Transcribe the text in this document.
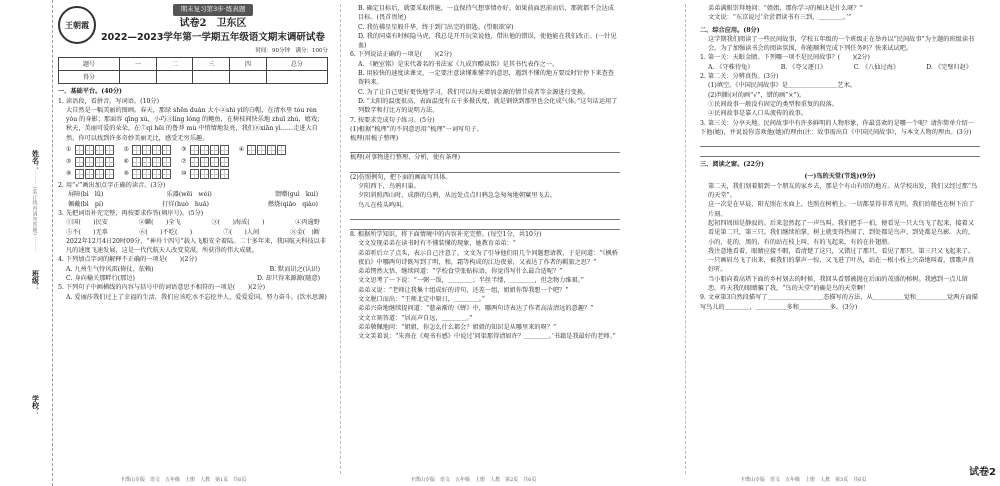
姓名：
⋯⋯⋯(装订线内请勿答题)⋯⋯⋯
班级：
学校：
王朝霞
期末复习第3步·练真题
试卷2　卫东区
2022—2023学年第一学期五年级语文期末调研试卷
时间：90分钟　满分：100分
题号	一	二	三	四	总分
得分					
一、基础平台。(40分)

1. 读语段，看拼音，写词语。(10分)

大自然是一幅美丽的图画。春天，那绿 shēn duàn 大小②shì yì的白帽，在清水里 tóu rèn yǒu 的身影；那面容 qīng xù，小巧③líng lóng 的鲍鱼，在树枝间快乐地 zhuī zhú，嬉戏；秋天，美丽可爱的朵朵，在⑦qí hēi 的鲁莽 mù 中悄情地发亮，我们⑧xiān yì……走进大自然，你可以找到许多奇妙美丽无比，感受无穷乐趣。

①	②	③	④
⑤	⑥	⑦
⑧	⑨	⑩

2. 用“√”画出加点字正确的读音。(3分)

屏障(bì　lǜ)	乐器(wēi　wéi)	馈赠(guì　kuì)
佩戴(bì　pí)	打烊(huò　huā)	燃烧(qiāo　qiào)

3. 先把词语补充完整，再按要求作答(填序号)。(5分)

①国(　　)民安	②麟(　　)全飞	③(　　)海成(　　)	④丙逾野
⑤不(　　)无辜	⑥(　　)不吃(　　)	⑦(　　)人间	⑧金(　)断

2022年12月4日20时09分，“神舟十四号”载人飞船安全着陆。二十多年来，我国航天科技以非凡的速度飞速发展，这是一代代航天人改变荒漠，所获得的伟大成就。

4. 下列加点字词的解释不正确的一项是(　　)(2分)

A. 九州生气恃风雷(倚仗、依赖)	B. 默而识之(认识)
C. 身向榆关那畔行(那边)	D. 却只得来源源(随意)

5. 下列句子中画横线的内容与括号中的词语意思不相符的一项是(　　)(2分)

A. 爱丽莎我们过上了幸福的生活，我们应该吃水不忘挖井人，爱爱爱国，努力奋斗。(饮水思源)

卡璞山专版　语文　五年级　上册　人教　第1页　共6页

B. 确定目标后，就要采取措施，一直保持气想事情办好。如果前面思前而后，那就都不会达成目标。(畏首畏尾)

C. 我仿佛星星般升华，终于到门出完的钥匙。(望眼欲穿)

D. 我的同桌有时候隐马虎，我总是开开玩笑说他，借出他的错误，使他能在我们改正。(一针见血)

6. 下列说法正确的一项是(　　)(2分)

A. 《陋室铭》是宋代著名的书法家《九成宫醴泉铭》是其书代表作之一。

B. 用较快的速度读课文，一定要注意读懂难懂字的意思，遇到不懂的地方要反时针停下来查查资料来。

C. 为了让自己更好更快地学习，我们可以每天增加金源的情节成者等金源进行变换。

D. “太阳的温度很高，表面温度有五千多摄氏度，就是钢铁到那里也会化成气体。”这句话运用了列数字和打比方的说明方法。

7. 按要求完成句子练习。(5分)

(1)根据“梳理”的不同意思用“梳理”一词写句子。

梳理(用梳子整理)

梳理(对事物进行整理、分析，使有条理)

(2)仿照例句，把下面的画面写具体。

夕阳西下，鸟鸦归巢。

夕阳斜照西山时，成群的乌鸦，从远处点点归鸦急急匆匆地朝窠里飞去。

鸟儿在枝头鸣叫。

8. 根据所学知识，将下面情境中的内容补充完整。(每空1分，共10分)

文文发现弟弟在读书时有不懂装懂的现象，她教育弟弟：“

弟弟听后立了点头，表示自己注意了。文文为了引导他们用几个问题想请教，于是问道：“《枫桥夜泊》中哪两句诗既写到了明，和，霜等构成的江边夜景，又表达了作者的羁旅之思？”

弟弟愣然大悟，继续问道：“学校食堂张贴标语，你觉得写什么最合适呢？”

文文思考了一下说：“一粥一饭，＿＿＿＿；半丝半缕，＿＿＿＿，但念物力维艰。”

弟弟又说：“老师让我集十组成好的诗句，还差一组，姐姐你帮我想一个吧？”

文文脱口而出：“王师北定中原日，＿＿＿＿。”

弟弟兴奋地继续提问道：“慈亲渐的《蝉》中，哪两句诗表达了作者高洁清远的意趣？”

文文立刻答道：“居高声自远，＿＿＿＿。”

弟弟敬佩地问：“姐姐，你怎么什么都会？姐姐的知识是从哪里来的呀？”

文文笑着说：“朱熹在《观书有感》中说过‘问渠那得清如许？＿＿＿＿。’书籍是我最好的老师。”

卡璞山专版　语文　五年级　上册　人教　第2页　共6页

弟弟满眼崇拜地问：“姐姐，那你学习的秘诀是什么呀？”

文文说：“东京说过‘余尝谓读书有三到，＿＿＿＿。’”

二、综合应用。(8分)

这学期我们阅读了一些民间故事，学校五年级的一个班级正在举办以“民间故事”为主题的班级读书会。为了加强读书会的阅读氛围，你能顺利完成下列任务吗？快来试试吧。

1. 第一关：天眼金睛。下列哪一项不是民间故事？(　　)(2分)

A. 《守株待兔》	B. 《夸父逐日》	C. 《八仙过海》	D. 《完璧归赵》

2. 第二关：分辨真伪。(3分)

(1)填空。《中国民间故事》是＿＿＿＿＿＿＿＿艺术。

(2)判断(对的画“√”，错的画“×”)。

①民间故事一般没有固定的类型和重复的段落。

②民间故事是靠人口头流传的故事。

3. 第三关：分享天地。民间故事中有许多鲜明的人物形象，你最喜欢的是哪一个呢？请你简单介绍一下他(她)，并说说你喜欢他(她)的理由(注：故事需出自《中国民间故事》，与本文人物的理由。(3分)

三、阅读之窗。(22分)
(一)鸟的天堂(节选)(9分)

第二天，我们划着船到一个朋友的家乡去，那是个有山有塔的地方。从学校出发，我们又经过那“鸟的天堂”。

这一次是在早晨，阳光照在水面上，也照在树梢上。一切都显得非常光明。我们的船也在树下泊了片刻。

起初四周围是静寂的。后来忽然起了一声鸟叫。我们把手一拍，便看见一只大鸟飞了起来，接着又看见第二只，第三只。我们继续拍掌，树上就变得热闹了，到处都是鸟声，到处都是鸟影。大的，小的，花的，黑的，有的站在枝上叫，有的飞起来，有的在扑翅膀。

我注意地看着，眼睛应接不暇，看清楚了这只，又错过了那只，看见了那只，第三只又飞起来了。一只画眉鸟飞了出来，被我们的掌声一惊，又飞进了叶丛，站在一根小枝上兴奋地叫着，那歌声真好听。

当小船向着高塔下面的乡村划去的时候，我回头看那被抛在后面的茂盛的榕树。我感到一点儿留恋。昨天我的眼睛骗了我，“鸟的天堂”的确是鸟的天堂啊！

9. 文章第3自然段描写了＿＿＿＿＿＿＿＿＿态描写的方法，从＿＿＿＿＿觉和＿＿＿＿＿觉两方面描写鸟儿的＿＿＿＿，＿＿＿＿＿多和＿＿＿＿＿多。(3分)

卡璞山专版　语文　五年级　上册　人教　第3页　共6页
试卷2
